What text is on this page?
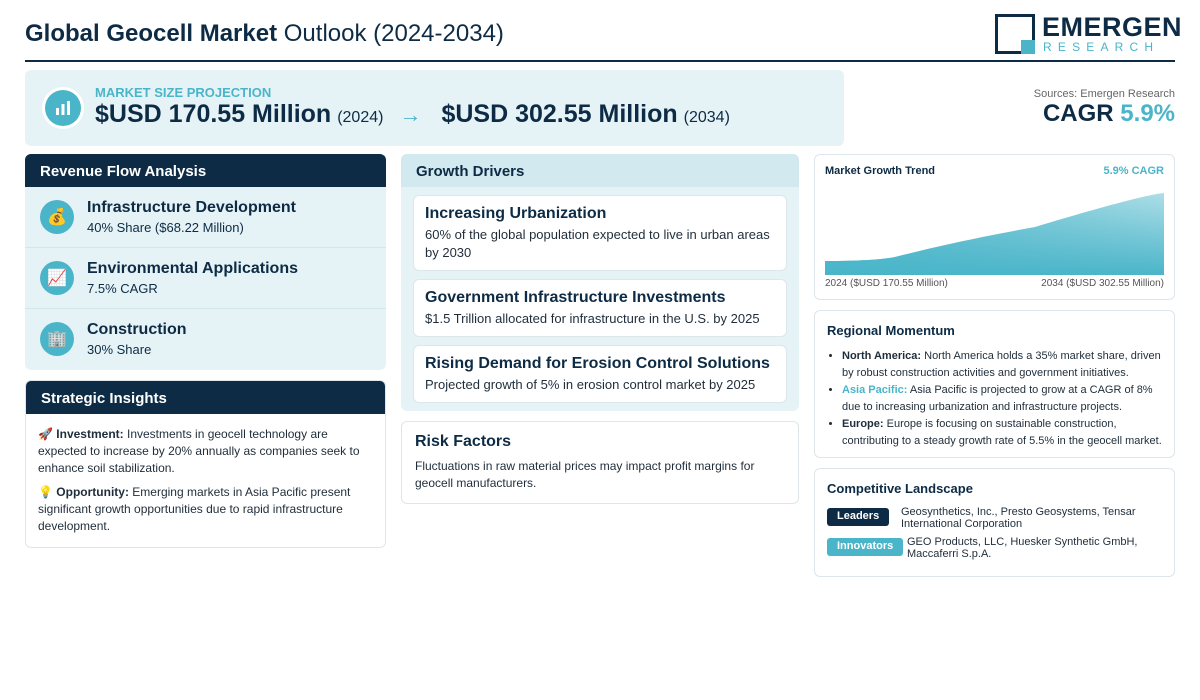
Global Geocell Market Outlook (2024-2034)	EMERGEN
RESEARCH
MARKET SIZE PROJECTION
$USD 170.55 Million (2024) → $USD 302.55 Million (2034)
Sources: Emergen Research
CAGR 5.9%
Revenue Flow Analysis
💰
Infrastructure Development
40% Share ($68.22 Million)
📈
Environmental Applications
7.5% CAGR
🏢
Construction
30% Share
Strategic Insights

🚀 Investment: Investments in geocell technology are expected to increase by 20% annually as companies seek to enhance soil stabilization.

💡 Opportunity: Emerging markets in Asia Pacific present significant growth opportunities due to rapid infrastructure development.

Growth Drivers
Increasing Urbanization
60% of the global population expected to live in urban areas by 2030
Government Infrastructure Investments
$1.5 Trillion allocated for infrastructure in the U.S. by 2025
Rising Demand for Erosion Control Solutions
Projected growth of 5% in erosion control market by 2025
Risk Factors
Fluctuations in raw material prices may impact profit margins for geocell manufacturers.
Market Growth Trend	5.9% CAGR
2024 ($USD 170.55 Million)	2034 ($USD 302.55 Million)
Regional Momentum
• North America: North America holds a 35% market share, driven by robust construction activities and government initiatives.
• Asia Pacific: Asia Pacific is projected to grow at a CAGR of 8% due to increasing urbanization and infrastructure projects.
• Europe: Europe is focusing on sustainable construction, contributing to a steady growth rate of 5.5% in the geocell market.
Competitive Landscape
Leaders	Geosynthetics, Inc., Presto Geosystems, Tensar International Corporation
Innovators	GEO Products, LLC, Huesker Synthetic GmbH, Maccaferri S.p.A.
